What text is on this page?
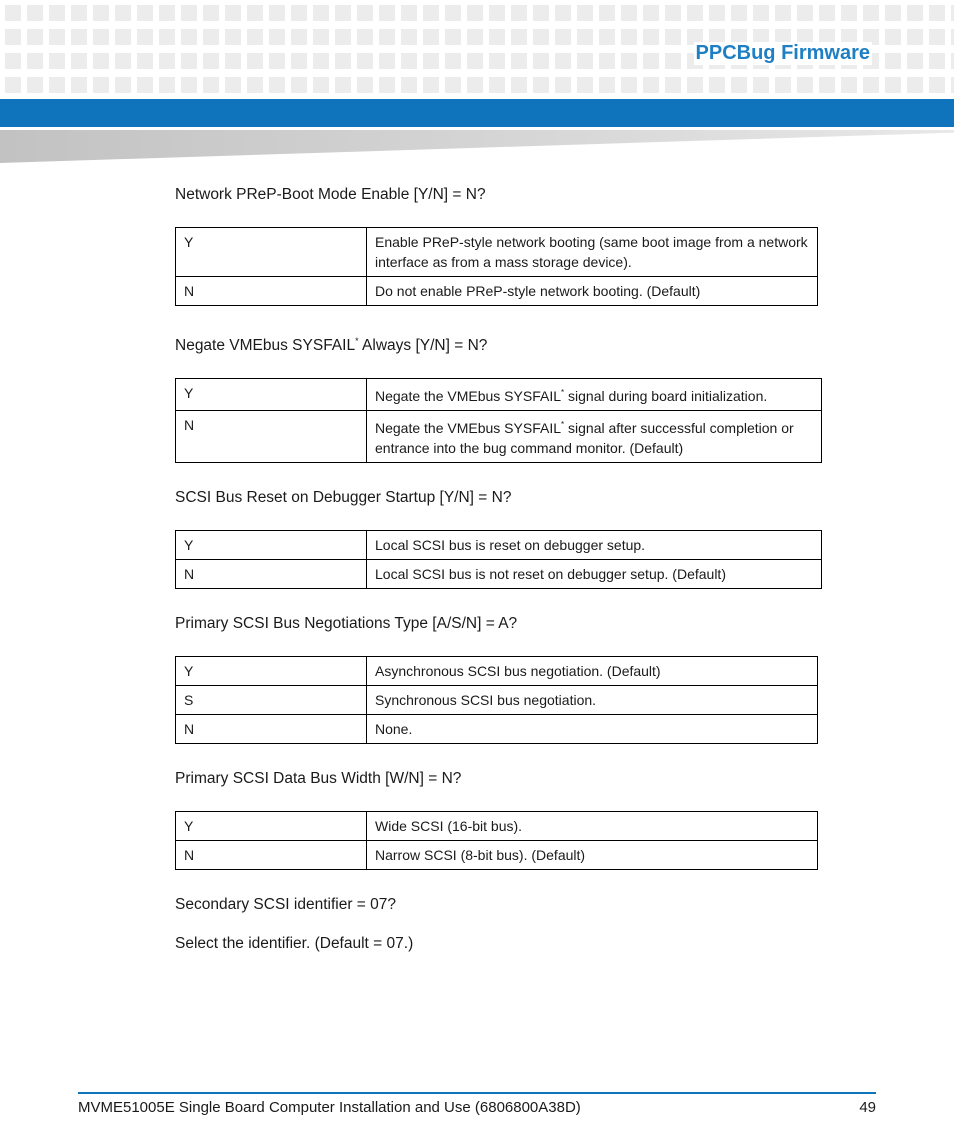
PPCBug Firmware

Network PReP-Boot Mode Enable [Y/N] = N?

Y	Enable PReP-style network booting (same boot image from a network interface as from a mass storage device).
N	Do not enable PReP-style network booting. (Default)

Negate VMEbus SYSFAIL* Always [Y/N] = N?

Y	Negate the VMEbus SYSFAIL* signal during board initialization.
N	Negate the VMEbus SYSFAIL* signal after successful completion or entrance into the bug command monitor. (Default)

SCSI Bus Reset on Debugger Startup [Y/N] = N?

Y	Local SCSI bus is reset on debugger setup.
N	Local SCSI bus is not reset on debugger setup. (Default)

Primary SCSI Bus Negotiations Type [A/S/N] = A?

Y	Asynchronous SCSI bus negotiation. (Default)
S	Synchronous SCSI bus negotiation.
N	None.

Primary SCSI Data Bus Width [W/N] = N?

Y	Wide SCSI (16-bit bus).
N	Narrow SCSI (8-bit bus). (Default)

Secondary SCSI identifier = 07?

Select the identifier. (Default = 07.)

MVME51005E Single Board Computer Installation and Use (6806800A38D)	49
